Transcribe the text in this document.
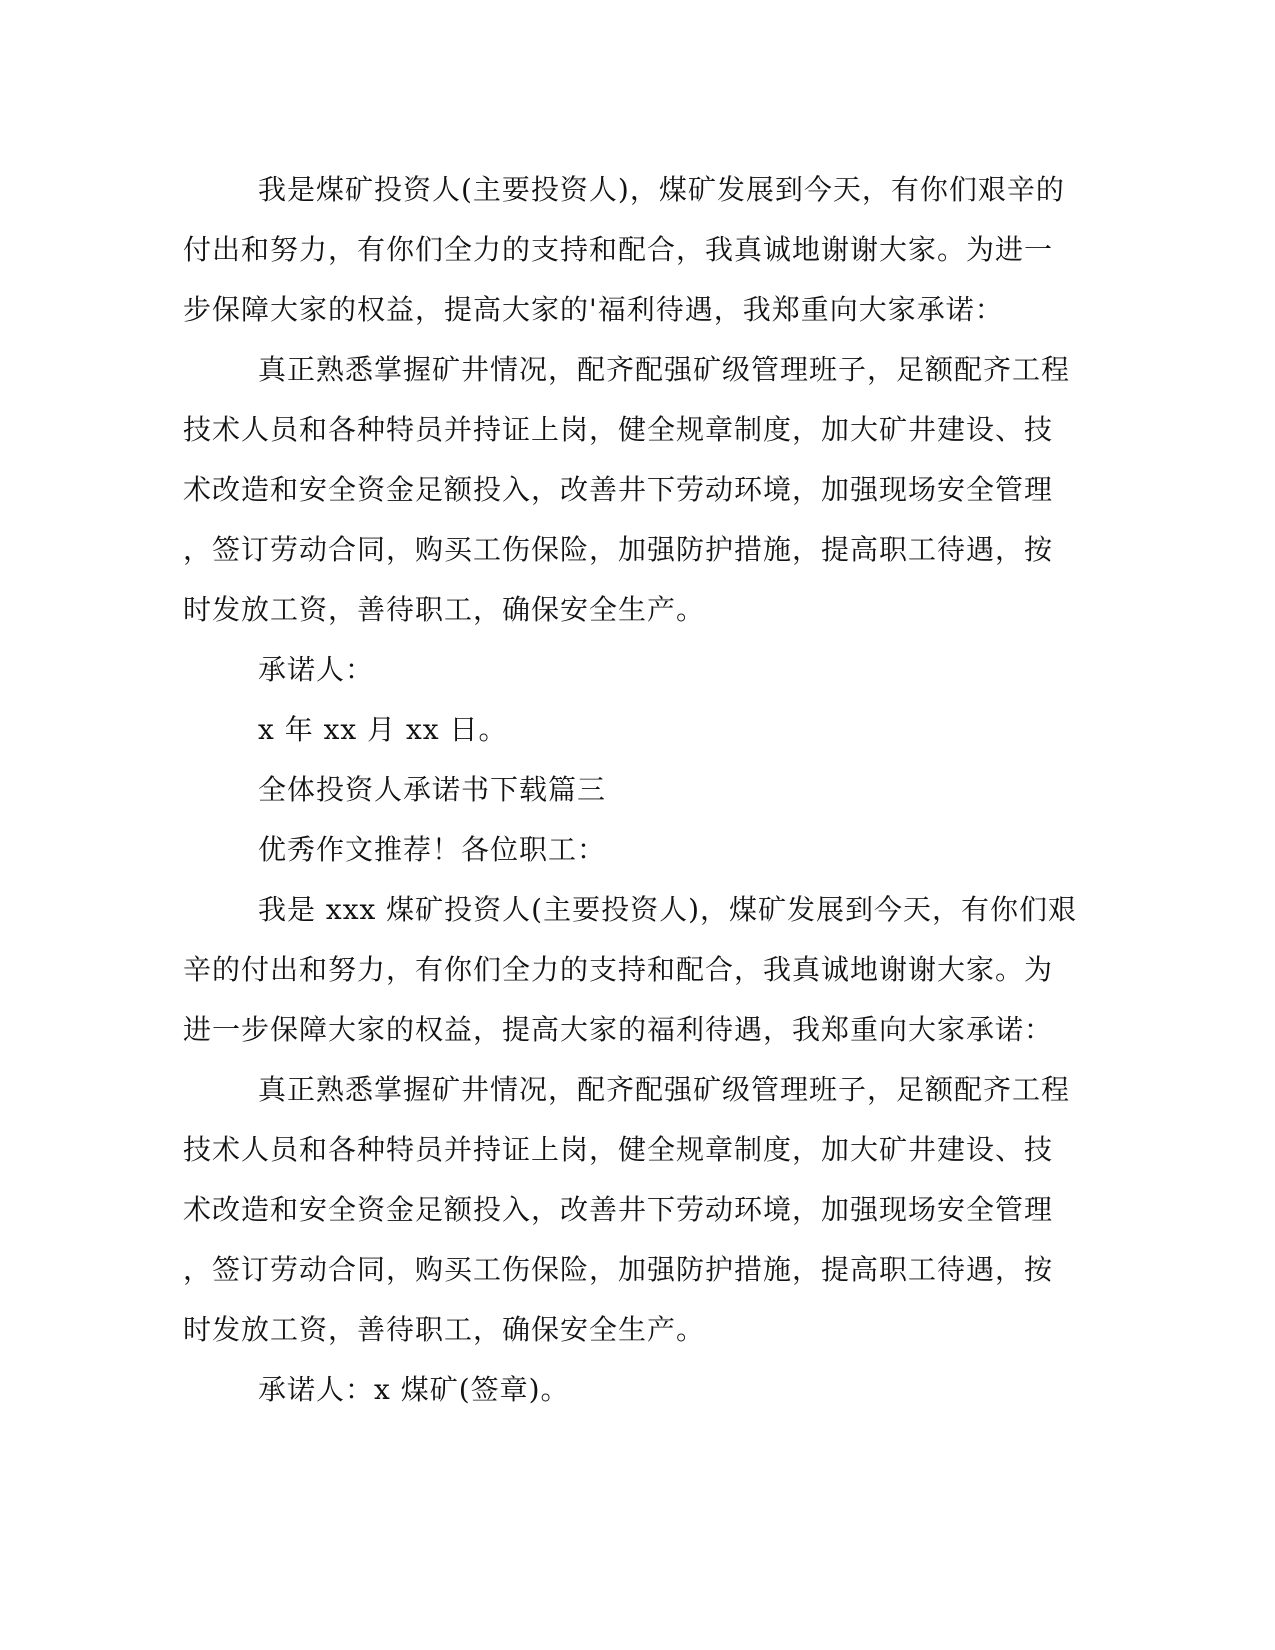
我是煤矿投资人(主要投资人)，煤矿发展到今天，有你们艰辛的
付出和努力，有你们全力的支持和配合，我真诚地谢谢大家。为进一
步保障大家的权益，提高大家的'福利待遇，我郑重向大家承诺：
真正熟悉掌握矿井情况，配齐配强矿级管理班子，足额配齐工程
技术人员和各种特员并持证上岗，健全规章制度，加大矿井建设、技
术改造和安全资金足额投入，改善井下劳动环境，加强现场安全管理
，签订劳动合同，购买工伤保险，加强防护措施，提高职工待遇，按
时发放工资，善待职工，确保安全生产。
承诺人：
x 年 xx 月 xx 日。
全体投资人承诺书下载篇三
优秀作文推荐！各位职工：
我是 xxx 煤矿投资人(主要投资人)，煤矿发展到今天，有你们艰
辛的付出和努力，有你们全力的支持和配合，我真诚地谢谢大家。为
进一步保障大家的权益，提高大家的福利待遇，我郑重向大家承诺：
真正熟悉掌握矿井情况，配齐配强矿级管理班子，足额配齐工程
技术人员和各种特员并持证上岗，健全规章制度，加大矿井建设、技
术改造和安全资金足额投入，改善井下劳动环境，加强现场安全管理
，签订劳动合同，购买工伤保险，加强防护措施，提高职工待遇，按
时发放工资，善待职工，确保安全生产。
承诺人：x 煤矿(签章)。
